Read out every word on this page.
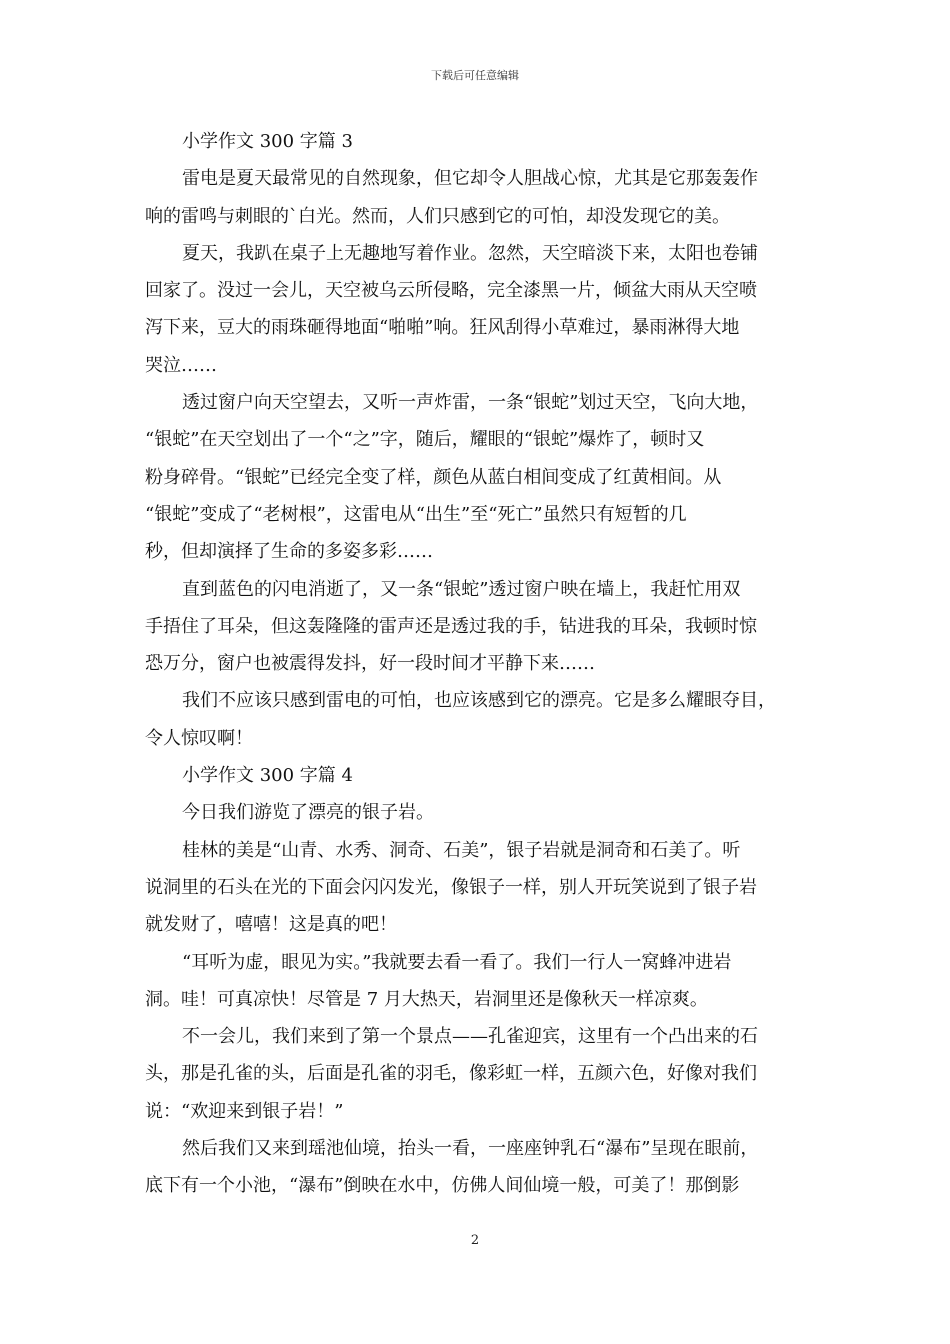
下载后可任意编辑
小学作文 300 字篇 3
雷电是夏天最常见的自然现象，但它却令人胆战心惊，尤其是它那轰轰作
响的雷鸣与刺眼的`白光。然而，人们只感到它的可怕，却没发现它的美。
夏天，我趴在桌子上无趣地写着作业。忽然，天空暗淡下来，太阳也卷铺
回家了。没过一会儿，天空被乌云所侵略，完全漆黑一片，倾盆大雨从天空喷
泻下来，豆大的雨珠砸得地面“啪啪”响。狂风刮得小草难过，暴雨淋得大地
哭泣……
透过窗户向天空望去，又听一声炸雷，一条“银蛇”划过天空，飞向大地，
“银蛇”在天空划出了一个“之”字，随后，耀眼的“银蛇”爆炸了，顿时又
粉身碎骨。“银蛇”已经完全变了样，颜色从蓝白相间变成了红黄相间。从
“银蛇”变成了“老树根”，这雷电从“出生”至“死亡”虽然只有短暂的几
秒，但却演择了生命的多姿多彩……
直到蓝色的闪电消逝了，又一条“银蛇”透过窗户映在墙上，我赶忙用双
手捂住了耳朵，但这轰隆隆的雷声还是透过我的手，钻进我的耳朵，我顿时惊
恐万分，窗户也被震得发抖，好一段时间才平静下来……
我们不应该只感到雷电的可怕，也应该感到它的漂亮。它是多么耀眼夺目，
令人惊叹啊！
小学作文 300 字篇 4
今日我们游览了漂亮的银子岩。
桂林的美是“山青、水秀、洞奇、石美”，银子岩就是洞奇和石美了。听
说洞里的石头在光的下面会闪闪发光，像银子一样，别人开玩笑说到了银子岩
就发财了，嘻嘻！这是真的吧！
“耳听为虚，眼见为实。”我就要去看一看了。我们一行人一窝蜂冲进岩
洞。哇！可真凉快！尽管是 7 月大热天，岩洞里还是像秋天一样凉爽。
不一会儿，我们来到了第一个景点——孔雀迎宾，这里有一个凸出来的石
头，那是孔雀的头，后面是孔雀的羽毛，像彩虹一样，五颜六色，好像对我们
说：“欢迎来到银子岩！”
然后我们又来到瑶池仙境，抬头一看，一座座钟乳石“瀑布”呈现在眼前，
底下有一个小池，“瀑布”倒映在水中，仿佛人间仙境一般，可美了！那倒影
2
